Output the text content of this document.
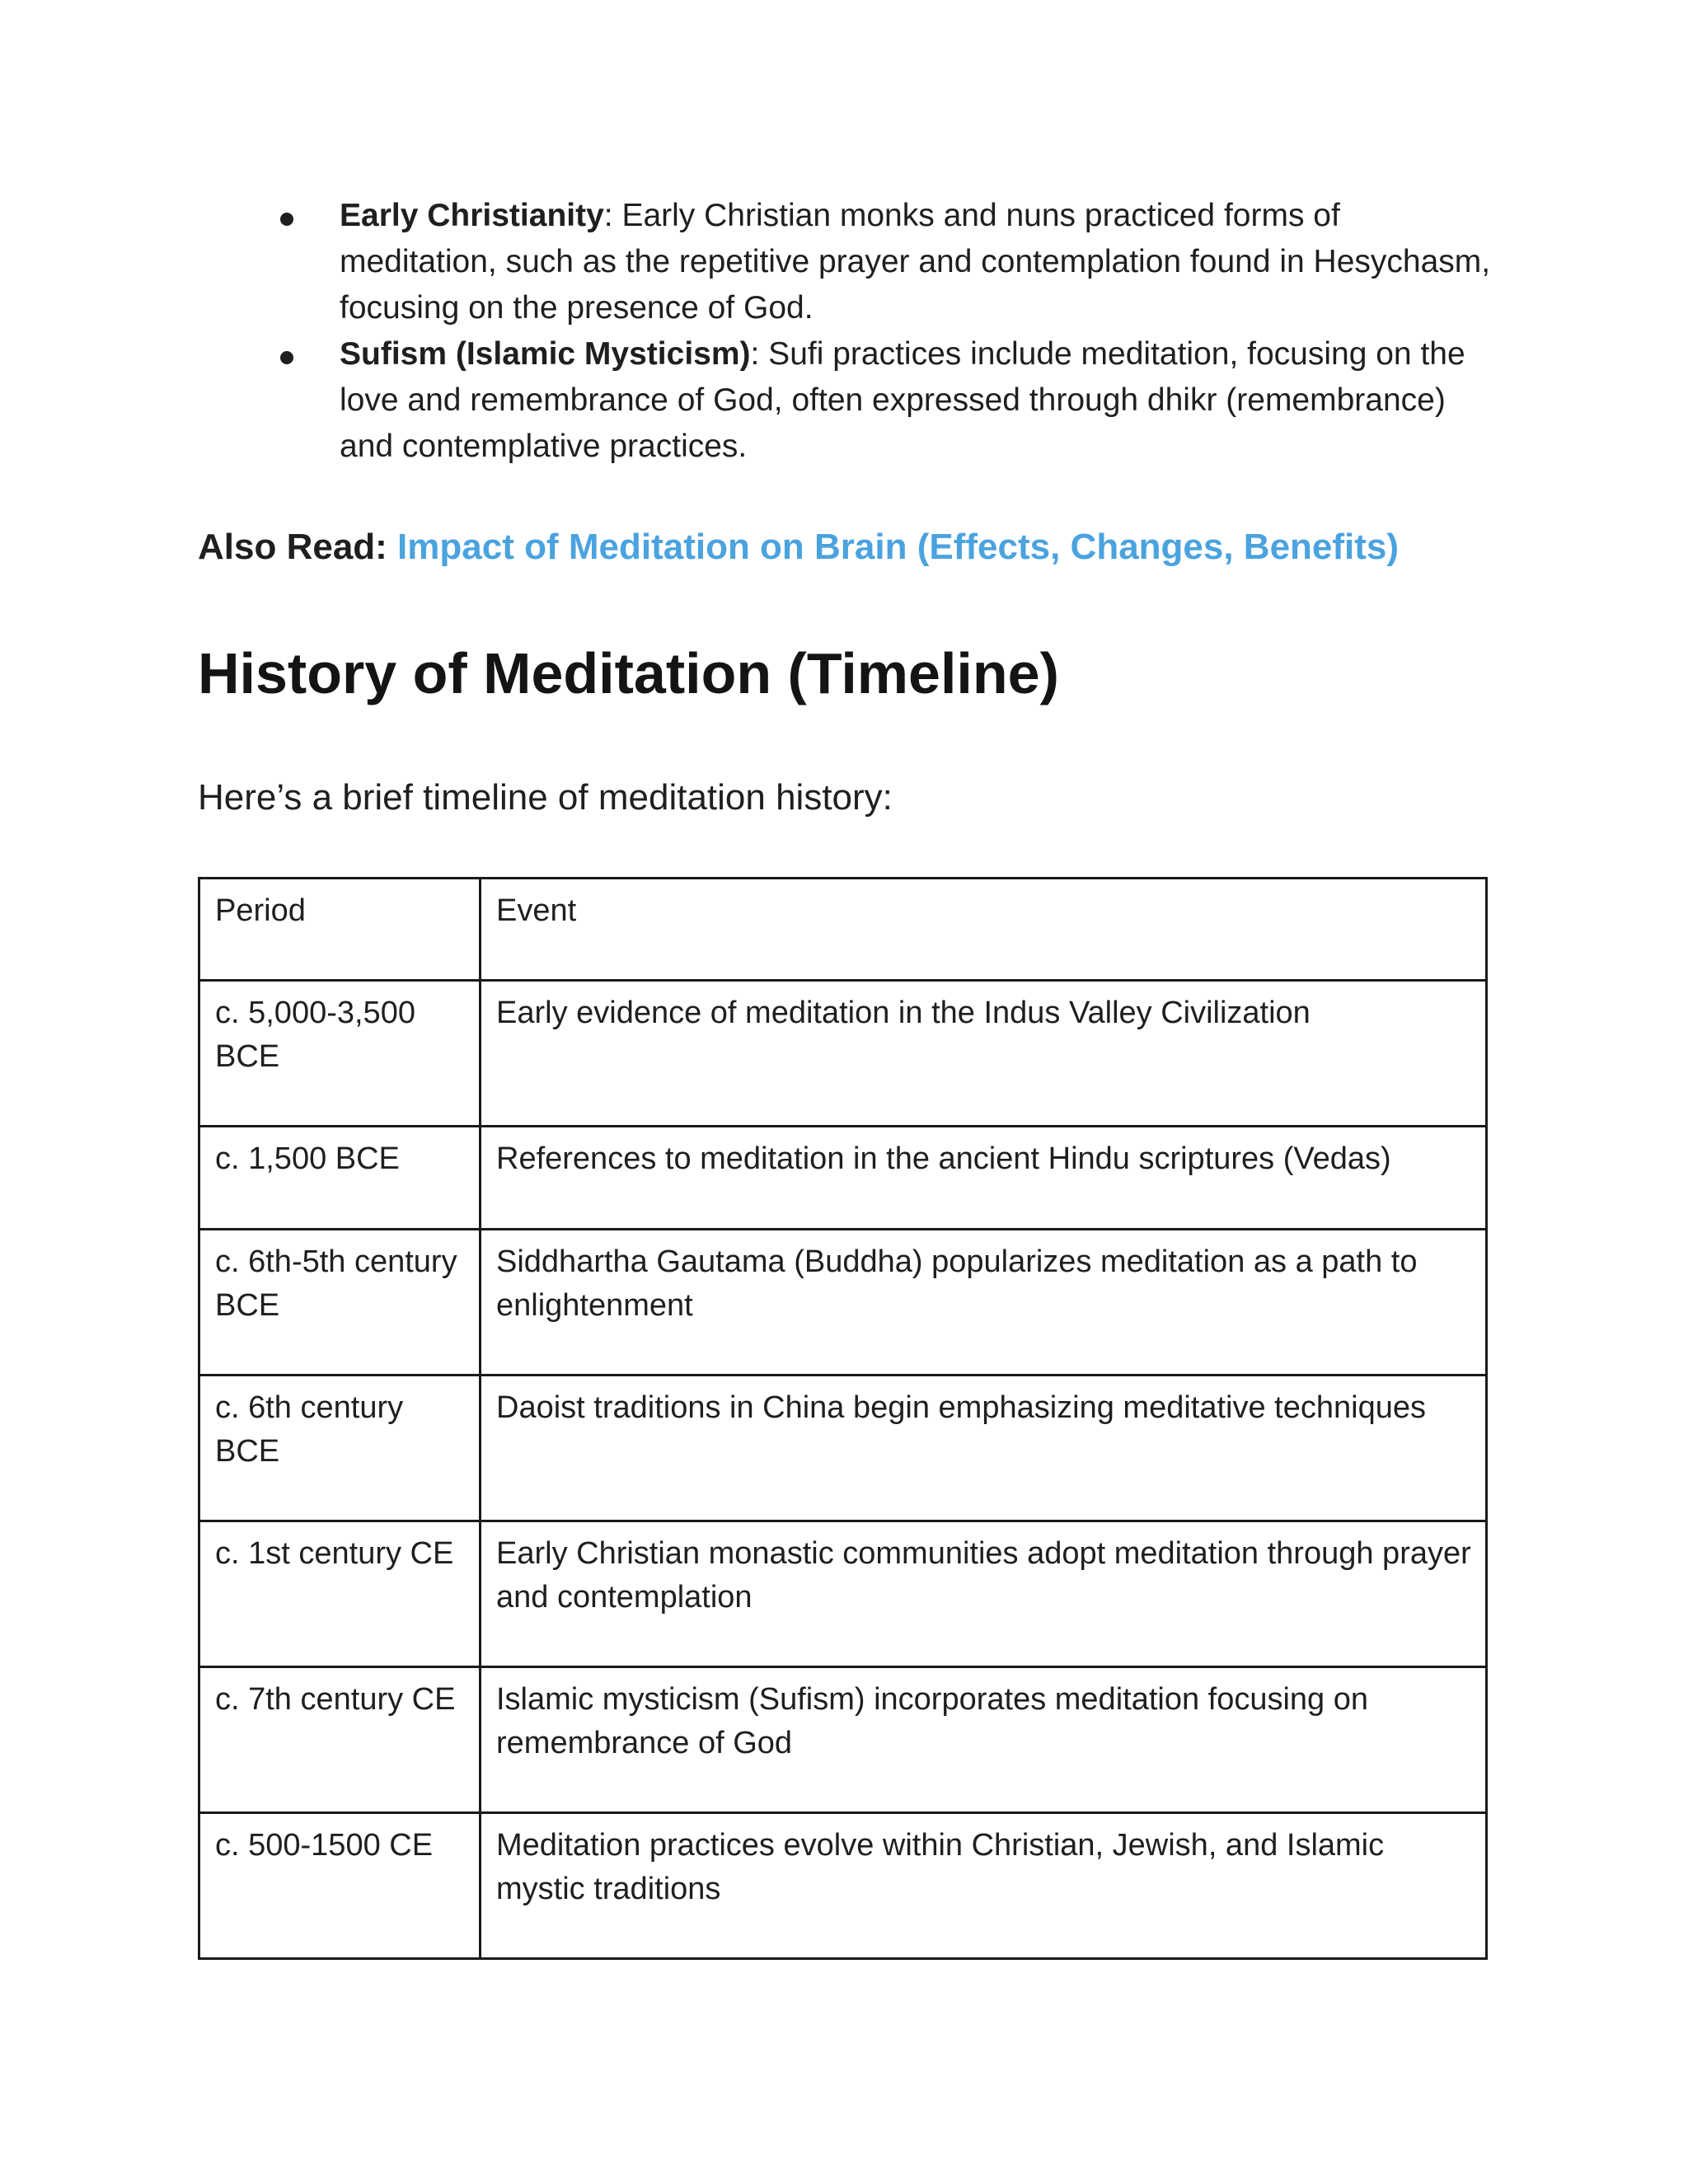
Early Christianity: Early Christian monks and nuns practiced forms of meditation, such as the repetitive prayer and contemplation found in Hesychasm, focusing on the presence of God.
Sufism (Islamic Mysticism): Sufi practices include meditation, focusing on the love and remembrance of God, often expressed through dhikr (remembrance) and contemplative practices.
Also Read: Impact of Meditation on Brain (Effects, Changes, Benefits)
History of Meditation (Timeline)

Here’s a brief timeline of meditation history:

Period	Event
c. 5,000-3,500 BCE	Early evidence of meditation in the Indus Valley Civilization
c. 1,500 BCE	References to meditation in the ancient Hindu scriptures (Vedas)
c. 6th-5th century BCE	Siddhartha Gautama (Buddha) popularizes meditation as a path to enlightenment
c. 6th century BCE	Daoist traditions in China begin emphasizing meditative techniques
c. 1st century CE	Early Christian monastic communities adopt meditation through prayer and contemplation
c. 7th century CE	Islamic mysticism (Sufism) incorporates meditation focusing on remembrance of God
c. 500-1500 CE	Meditation practices evolve within Christian, Jewish, and Islamic mystic traditions
